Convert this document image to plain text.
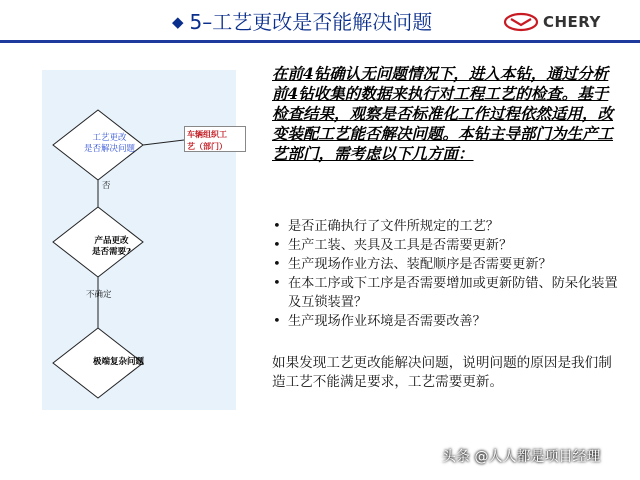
◆ 5–工艺更改是否能解决问题	CHERY
工艺更改
是否解决问题
车辆组织工
艺（部门）
否
产品更改
是否需要?
不确定
极端复杂问题
在前4钻确认无问题情况下，进入本钻，通过分析前4钻收集的数据来执行对工程工艺的检查。基于检查结果，观察是否标准化工作过程依然适用，改变装配工艺能否解决问题。本钻主导部门为生产工艺部门，需考虑以下几方面：
• 是否正确执行了文件所规定的工艺？
• 生产工装、夹具及工具是否需要更新？
• 生产现场作业方法、装配顺序是否需要更新？
• 在本工序或下工序是否需要增加或更新防错、防呆化装置及互锁装置？
• 生产现场作业环境是否需要改善？
如果发现工艺更改能解决问题，说明问题的原因是我们制造工艺不能满足要求，工艺需要更新。
头条 @人人都是项目经理
